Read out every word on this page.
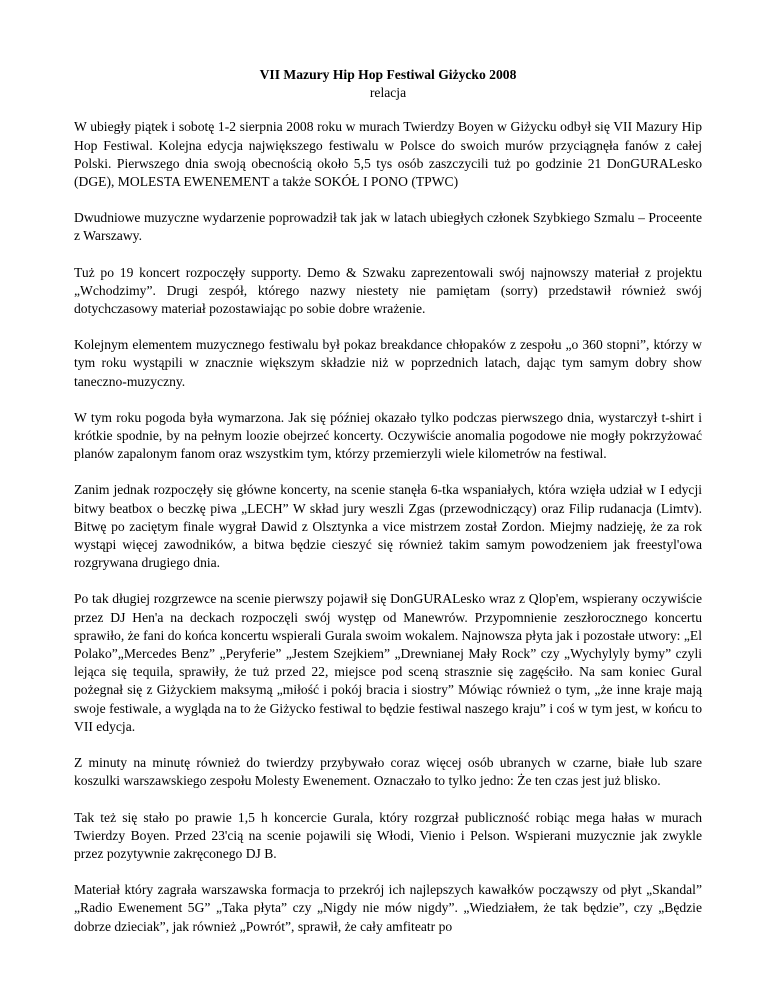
VII Mazury Hip Hop Festiwal Giżycko 2008

relacja

W ubiegły piątek i sobotę 1-2 sierpnia 2008 roku w murach Twierdzy Boyen w Giżycku odbył się VII Mazury Hip Hop Festiwal. Kolejna edycja największego festiwalu w Polsce do swoich murów przyciągnęła fanów z całej Polski. Pierwszego dnia swoją obecnością około 5,5 tys osób zaszczycili tuż po godzinie 21 DonGURALesko (DGE), MOLESTA EWENEMENT a także SOKÓŁ I PONO (TPWC)

Dwudniowe muzyczne wydarzenie poprowadził tak jak w latach ubiegłych członek Szybkiego Szmalu – Proceente z Warszawy.

Tuż po 19 koncert rozpoczęły supporty. Demo & Szwaku zaprezentowali swój najnowszy materiał z projektu „Wchodzimy”. Drugi zespół, którego nazwy niestety nie pamiętam (sorry) przedstawił również swój dotychczasowy materiał pozostawiając po sobie dobre wrażenie.

Kolejnym elementem muzycznego festiwalu był pokaz breakdance chłopaków z zespołu „o 360 stopni”, którzy w tym roku wystąpili w znacznie większym składzie niż w poprzednich latach, dając tym samym dobry show taneczno-muzyczny.

W tym roku pogoda była wymarzona. Jak się później okazało tylko podczas pierwszego dnia, wystarczył t-shirt i krótkie spodnie, by na pełnym loozie obejrzeć koncerty. Oczywiście anomalia pogodowe nie mogły pokrzyżować planów zapalonym fanom oraz wszystkim tym, którzy przemierzyli wiele kilometrów na festiwal.

Zanim jednak rozpoczęły się główne koncerty, na scenie stanęła 6-tka wspaniałych, która wzięła udział w I edycji bitwy beatbox o beczkę piwa „LECH” W skład jury weszli Zgas (przewodniczący) oraz Filip rudanacja (Limtv). Bitwę po zaciętym finale wygrał Dawid z Olsztynka a vice mistrzem został Zordon. Miejmy nadzieję, że za rok wystąpi więcej zawodników, a bitwa będzie cieszyć się również takim samym powodzeniem jak freestyl'owa rozgrywana drugiego dnia.

Po tak długiej rozgrzewce na scenie pierwszy pojawił się DonGURALesko wraz z Qlop'em, wspierany oczywiście przez DJ Hen'a na deckach rozpoczęli swój występ od Manewrów. Przypomnienie zeszłorocznego koncertu sprawiło, że fani do końca koncertu wspierali Gurala swoim wokalem. Najnowsza płyta jak i pozostałe utwory: „El Polako”„Mercedes Benz” „Peryferie” „Jestem Szejkiem” „Drewnianej Mały Rock” czy „Wychylyly bymy” czyli lejąca się tequila, sprawiły, że tuż przed 22, miejsce pod sceną strasznie się zagęściło. Na sam koniec Gural pożegnał się z Giżyckiem maksymą „miłość i pokój bracia i siostry” Mówiąc również o tym, „że inne kraje mają swoje festiwale, a wygląda na to że Giżycko festiwal to będzie festiwal naszego kraju” i coś w tym jest, w końcu to VII edycja.

Z minuty na minutę również do twierdzy przybywało coraz więcej osób ubranych w czarne, białe lub szare koszulki warszawskiego zespołu Molesty Ewenement. Oznaczało to tylko jedno: Że ten czas jest już blisko.

Tak też się stało po prawie 1,5 h koncercie Gurala, który rozgrzał publiczność robiąc mega hałas w murach Twierdzy Boyen. Przed 23'cią na scenie pojawili się Włodi, Vienio i Pelson. Wspierani muzycznie jak zwykle przez pozytywnie zakręconego DJ B.

Materiał który zagrała warszawska formacja to przekrój ich najlepszych kawałków począwszy od płyt „Skandal” „Radio Ewenement 5G” „Taka płyta” czy „Nigdy nie mów nigdy”. „Wiedziałem, że tak będzie”, czy „Będzie dobrze dzieciak”, jak również „Powrót”, sprawił, że cały amfiteatr po
